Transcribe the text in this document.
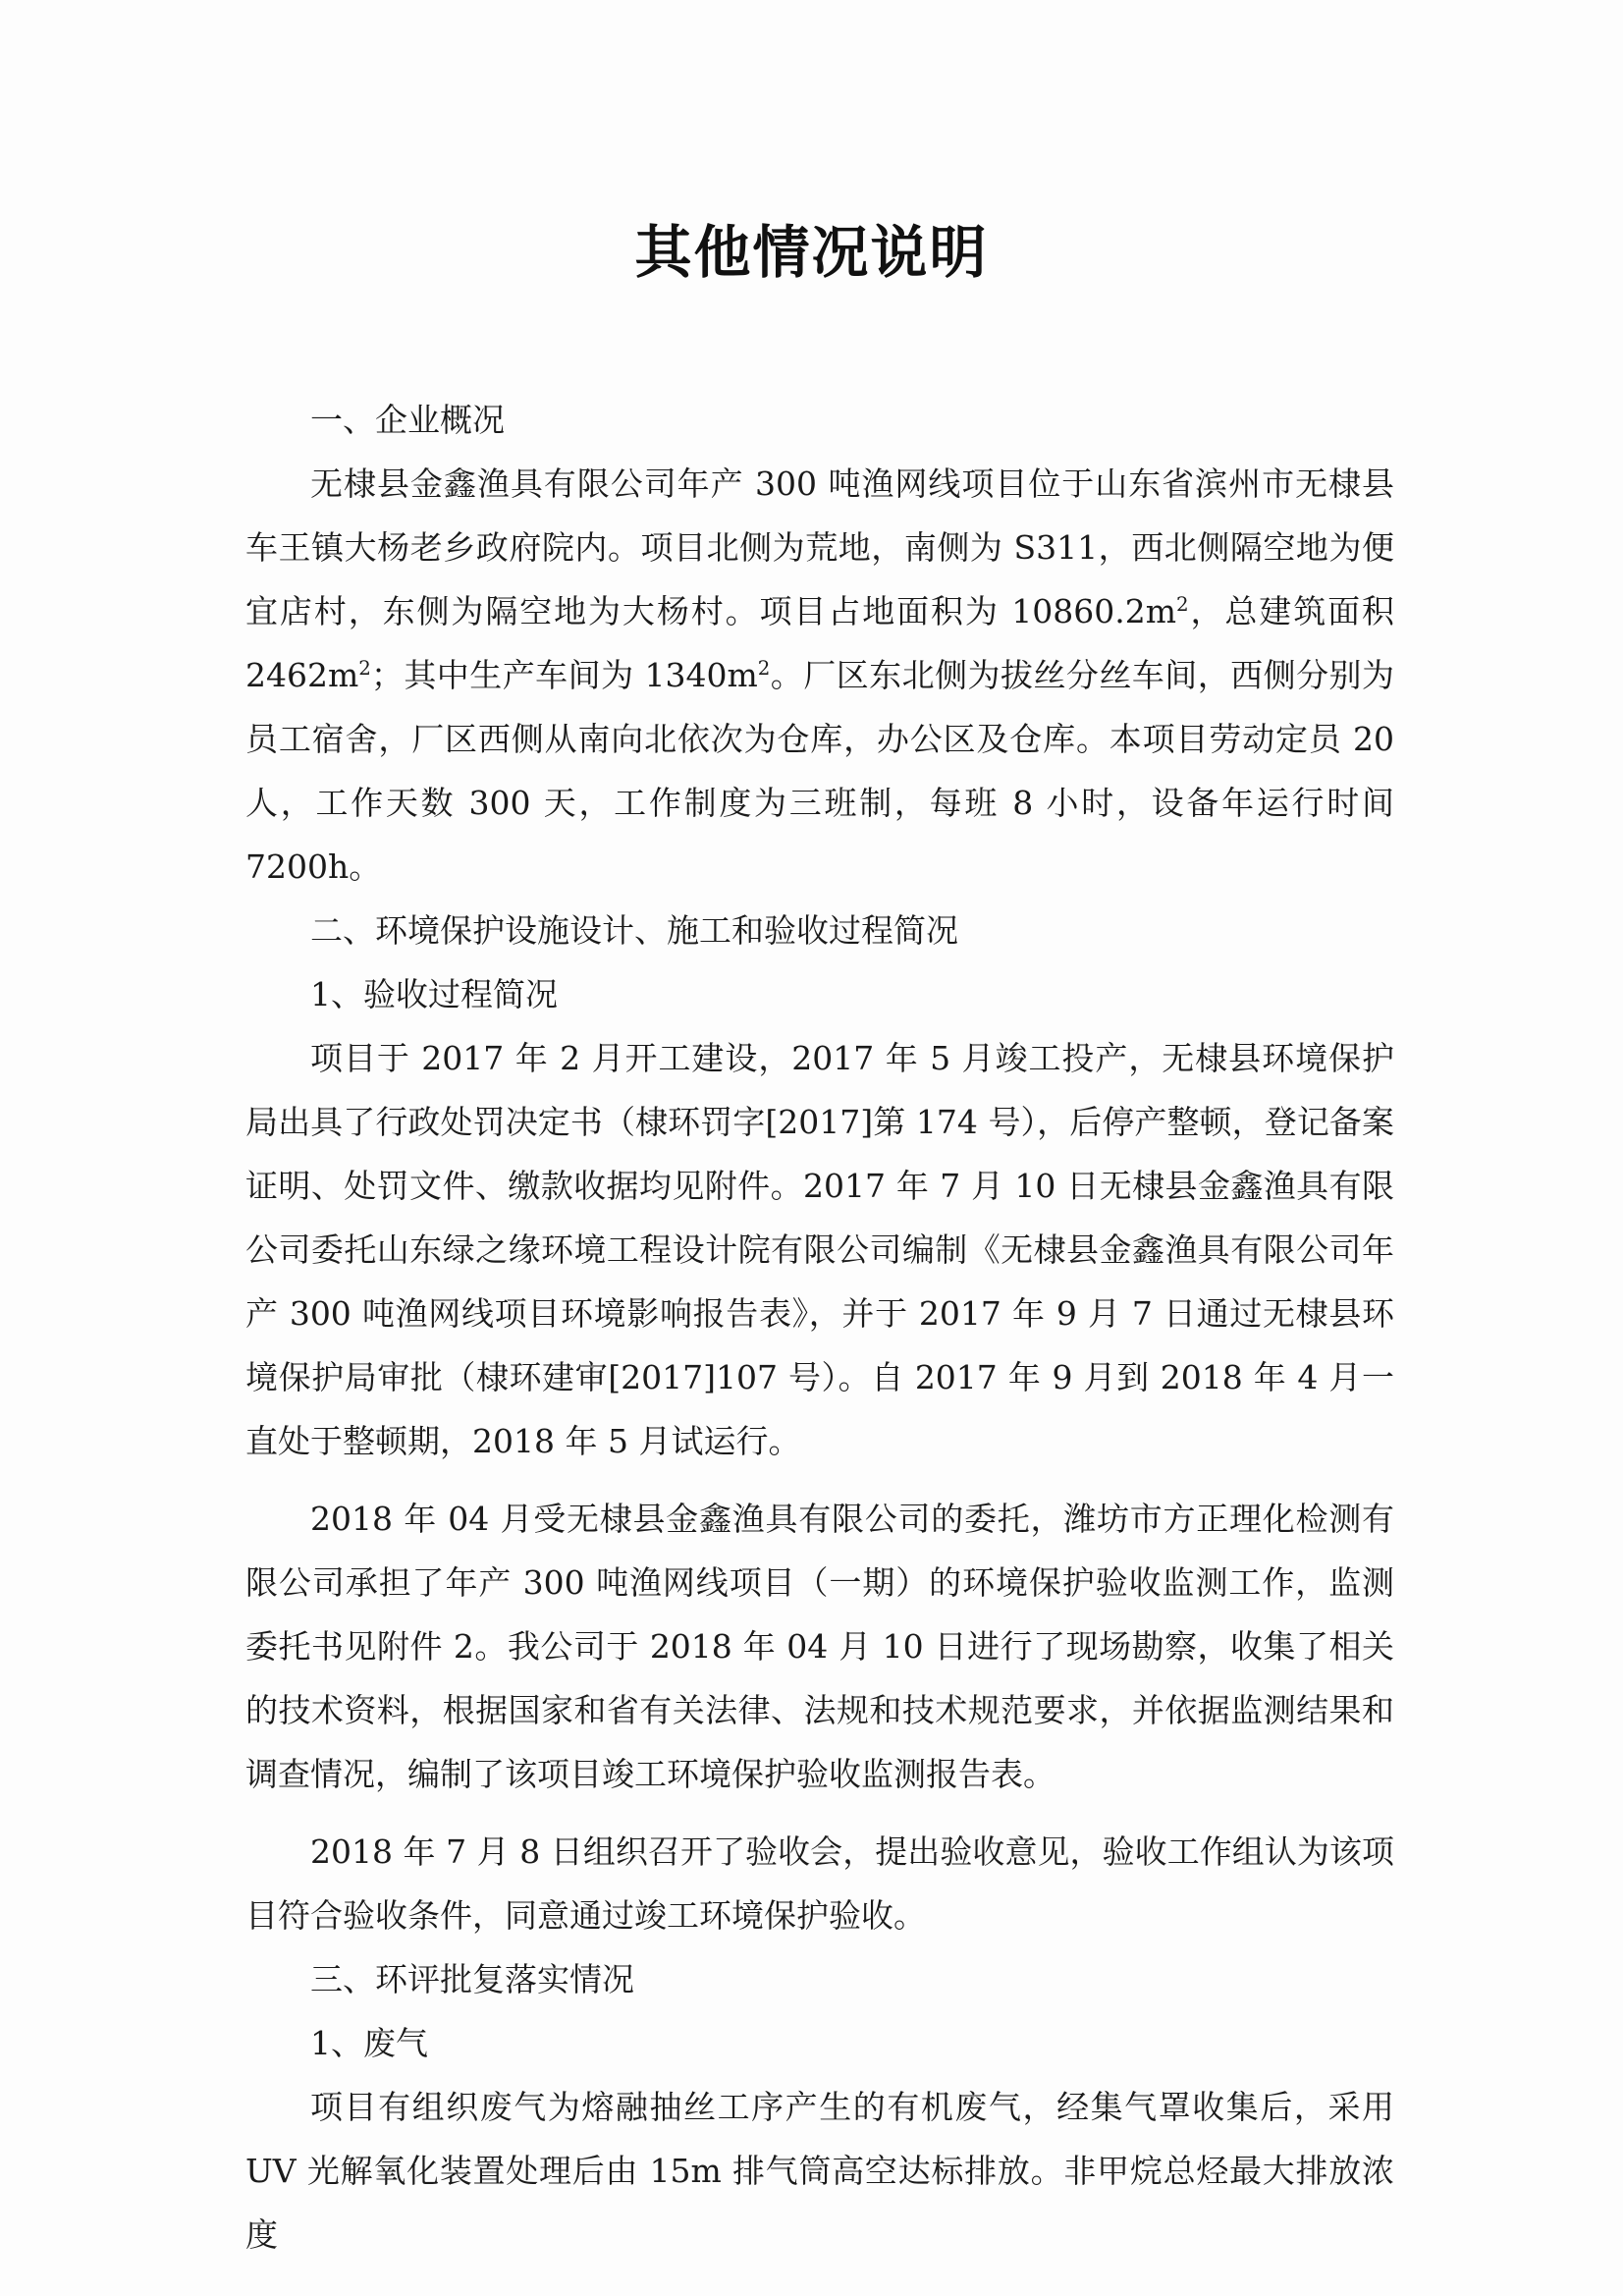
其他情况说明

一、企业概况

无棣县金鑫渔具有限公司年产 300 吨渔网线项目位于山东省滨州市无棣县车王镇大杨老乡政府院内。项目北侧为荒地，南侧为 S311，西北侧隔空地为便宜店村，东侧为隔空地为大杨村。项目占地面积为 $10860.2m^2$，总建筑面积 $2462m^2$；其中生产车间为 $1340m^2$。厂区东北侧为拔丝分丝车间，西侧分别为员工宿舍，厂区西侧从南向北依次为仓库，办公区及仓库。本项目劳动定员 20 人，工作天数 300 天，工作制度为三班制，每班 8 小时，设备年运行时间 7200h。

二、环境保护设施设计、施工和验收过程简况

1、验收过程简况

项目于 2017 年 2 月开工建设，2017 年 5 月竣工投产，无棣县环境保护局出具了行政处罚决定书（棣环罚字[2017]第 174 号），后停产整顿，登记备案证明、处罚文件、缴款收据均见附件。2017 年 7 月 10 日无棣县金鑫渔具有限公司委托山东绿之缘环境工程设计院有限公司编制《无棣县金鑫渔具有限公司年产 300 吨渔网线项目环境影响报告表》，并于 2017 年 9 月 7 日通过无棣县环境保护局审批（棣环建审[2017]107 号）。自 2017 年 9 月到 2018 年 4 月一直处于整顿期，2018 年 5 月试运行。

2018 年 04 月受无棣县金鑫渔具有限公司的委托，潍坊市方正理化检测有限公司承担了年产 300 吨渔网线项目（一期）的环境保护验收监测工作，监测委托书见附件 2。我公司于 2018 年 04 月 10 日进行了现场勘察，收集了相关的技术资料，根据国家和省有关法律、法规和技术规范要求，并依据监测结果和调查情况，编制了该项目竣工环境保护验收监测报告表。

2018 年 7 月 8 日组织召开了验收会，提出验收意见，验收工作组认为该项目符合验收条件，同意通过竣工环境保护验收。

三、环评批复落实情况

1、废气

项目有组织废气为熔融抽丝工序产生的有机废气，经集气罩收集后，采用 UV 光解氧化装置处理后由 15m 排气筒高空达标排放。非甲烷总烃最大排放浓度
